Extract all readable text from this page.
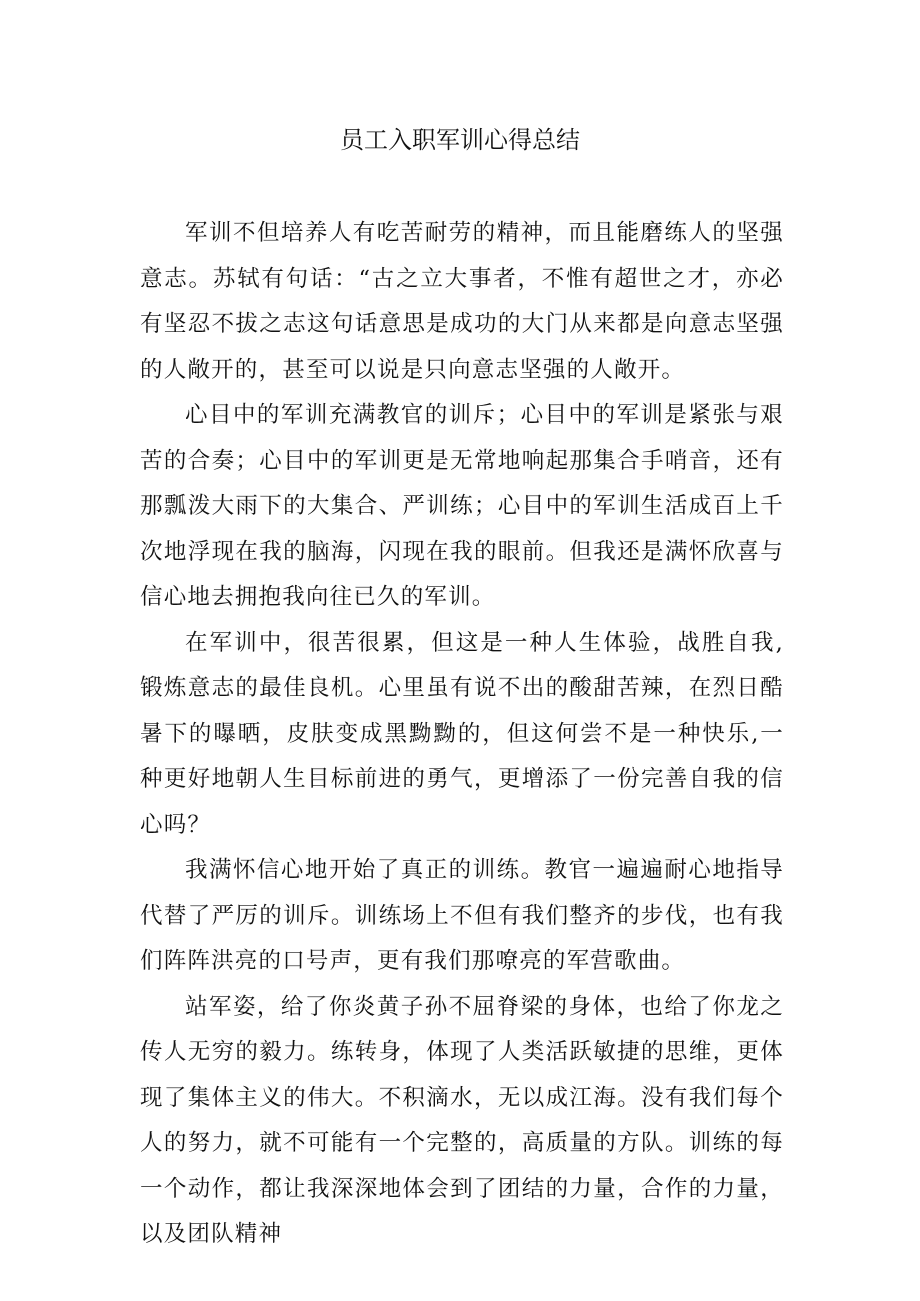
员工入职军训心得总结

军训不但培养人有吃苦耐劳的精神，而且能磨练人的坚强意志。苏轼有句话：“古之立大事者，不惟有超世之才，亦必有坚忍不拔之志这句话意思是成功的大门从来都是向意志坚强的人敞开的，甚至可以说是只向意志坚强的人敞开。

心目中的军训充满教官的训斥；心目中的军训是紧张与艰苦的合奏；心目中的军训更是无常地响起那集合手哨音，还有那瓢泼大雨下的大集合、严训练；心目中的军训生活成百上千次地浮现在我的脑海，闪现在我的眼前。但我还是满怀欣喜与信心地去拥抱我向往已久的军训。

在军训中，很苦很累，但这是一种人生体验，战胜自我,锻炼意志的最佳良机。心里虽有说不出的酸甜苦辣，在烈日酷暑下的曝晒，皮肤变成黑黝黝的，但这何尝不是一种快乐,一种更好地朝人生目标前进的勇气，更增添了一份完善自我的信心吗？

我满怀信心地开始了真正的训练。教官一遍遍耐心地指导代替了严厉的训斥。训练场上不但有我们整齐的步伐，也有我们阵阵洪亮的口号声，更有我们那嘹亮的军营歌曲。

站军姿，给了你炎黄子孙不屈脊梁的身体，也给了你龙之传人无穷的毅力。练转身，体现了人类活跃敏捷的思维，更体现了集体主义的伟大。不积滴水，无以成江海。没有我们每个人的努力，就不可能有一个完整的，高质量的方队。训练的每一个动作，都让我深深地体会到了团结的力量，合作的力量，以及团队精神
